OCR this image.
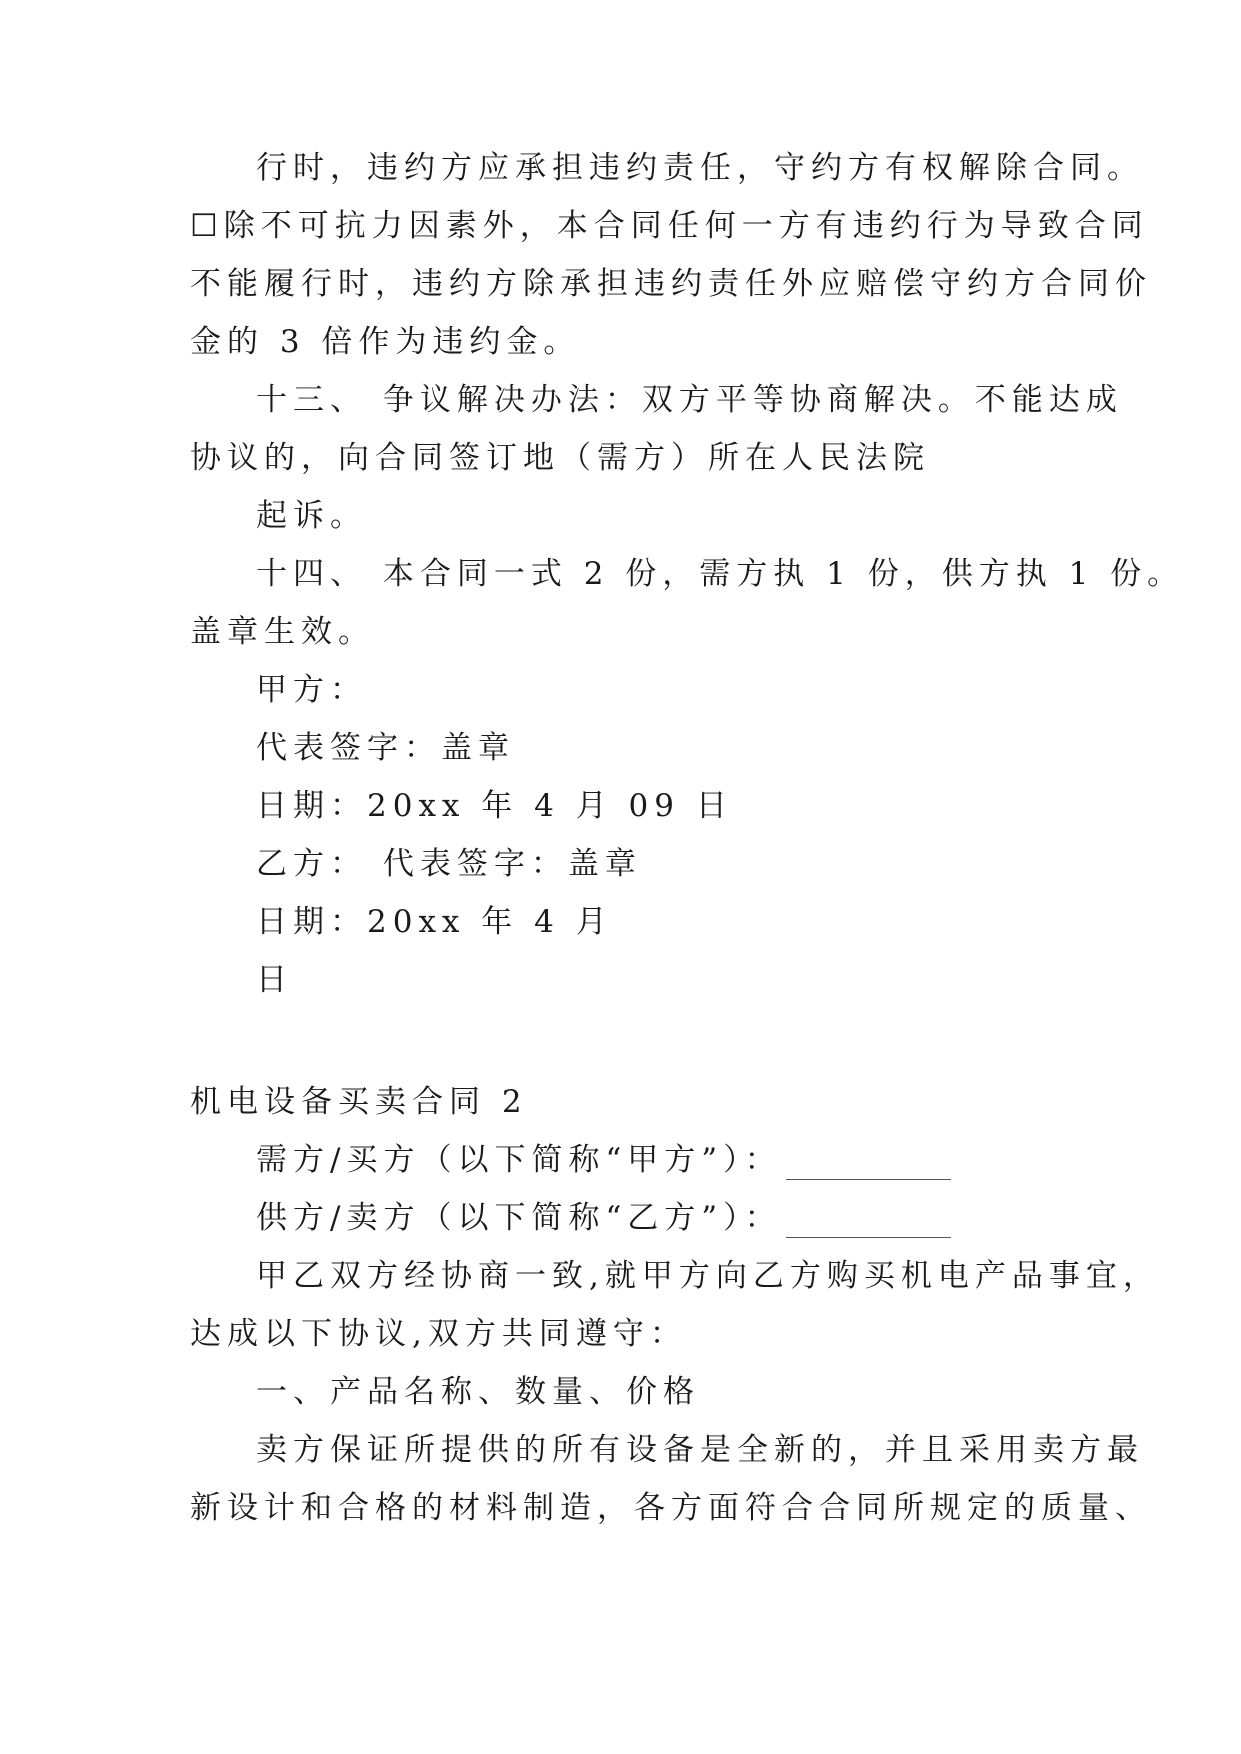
行时，违约方应承担违约责任，守约方有权解除合同。

☐除不可抗力因素外，本合同任何一方有违约行为导致合同

不能履行时，违约方除承担违约责任外应赔偿守约方合同价

金的 3 倍作为违约金。

十三、 争议解决办法：双方平等协商解决。不能达成

协议的，向合同签订地（需方）所在人民法院

起诉。

十四、 本合同一式 2 份，需方执 1 份，供方执 1 份。

盖章生效。

甲方：

代表签字：盖章

日期：20xx 年 4 月 09 日

乙方： 代表签字：盖章

日期：20xx 年 4 月

日

机电设备买卖合同 2

需方/买方（以下简称“甲方”）：

供方/卖方（以下简称“乙方”）：

甲乙双方经协商一致,就甲方向乙方购买机电产品事宜，

达成以下协议,双方共同遵守：

一、产品名称、数量、价格

卖方保证所提供的所有设备是全新的，并且采用卖方最

新设计和合格的材料制造，各方面符合合同所规定的质量、
